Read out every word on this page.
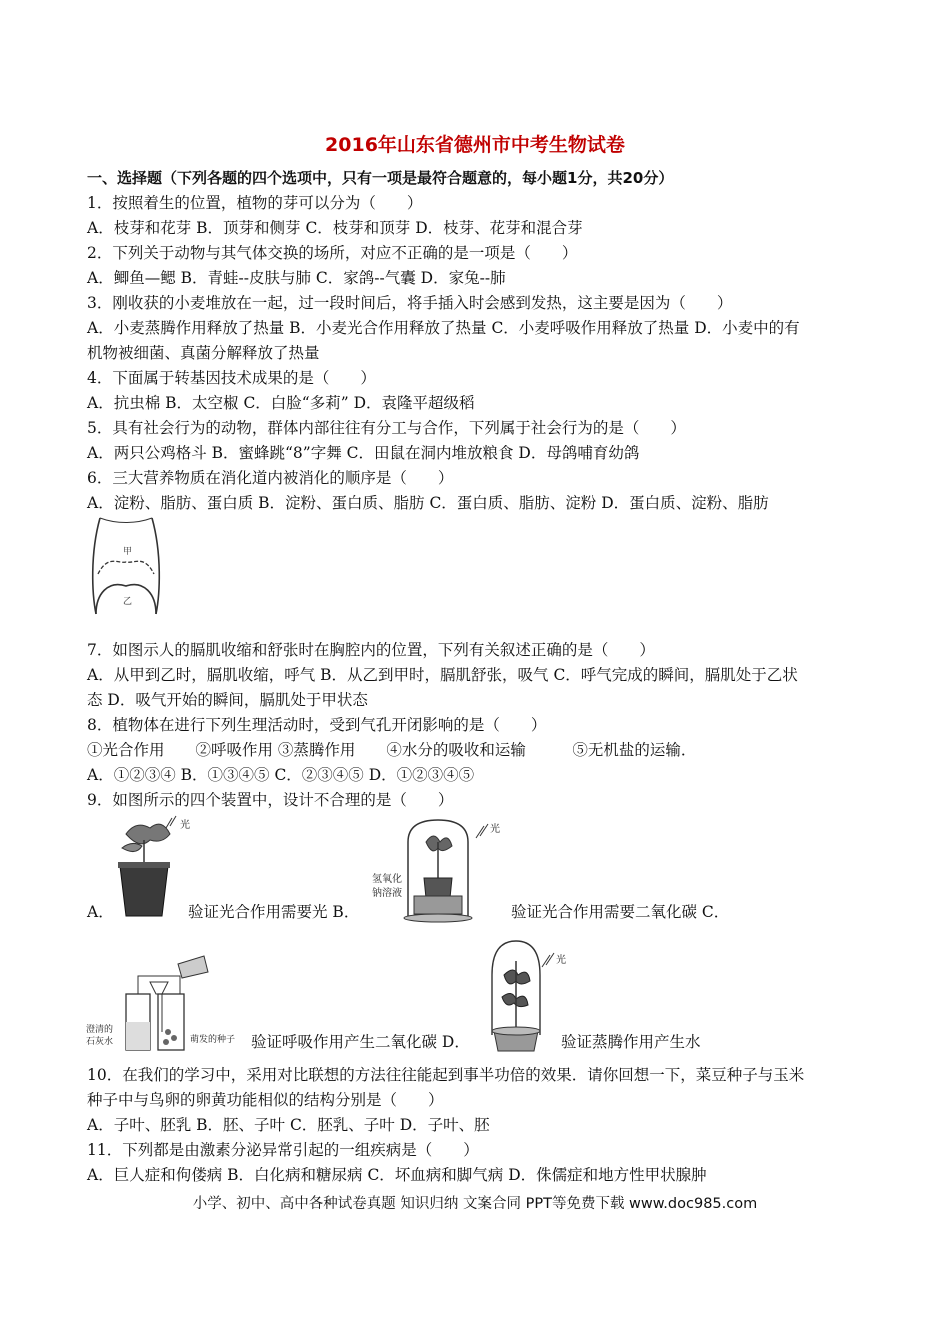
2016年山东省德州市中考生物试卷
一、选择题（下列各题的四个选项中，只有一项是最符合题意的，每小题1分，共20分）
1．按照着生的位置，植物的芽可以分为（　　）
A．枝芽和花芽 B．顶芽和侧芽 C．枝芽和顶芽 D．枝芽、花芽和混合芽
2．下列关于动物与其气体交换的场所，对应不正确的是一项是（　　）
A．鲫鱼—鳃 B．青蛙--皮肤与肺 C．家鸽--气囊 D．家兔--肺
3．刚收获的小麦堆放在一起，过一段时间后，将手插入时会感到发热，这主要是因为（　　）
A．小麦蒸腾作用释放了热量 B．小麦光合作用释放了热量 C．小麦呼吸作用释放了热量 D．小麦中的有
机物被细菌、真菌分解释放了热量
4．下面属于转基因技术成果的是（　　）
A．抗虫棉 B．太空椒 C．白脸“多莉” D．袁隆平超级稻
5．具有社会行为的动物，群体内部往往有分工与合作，下列属于社会行为的是（　　）
A．两只公鸡格斗 B．蜜蜂跳“8”字舞 C．田鼠在洞内堆放粮食 D．母鸽哺育幼鸽
6．三大营养物质在消化道内被消化的顺序是（　　）
A．淀粉、脂肪、蛋白质 B．淀粉、蛋白质、脂肪 C．蛋白质、脂肪、淀粉 D．蛋白质、淀粉、脂肪
甲
乙
7．如图示人的膈肌收缩和舒张时在胸腔内的位置，下列有关叙述正确的是（　　）
A．从甲到乙时，膈肌收缩，呼气 B．从乙到甲时，膈肌舒张，吸气 C．呼气完成的瞬间，膈肌处于乙状
态 D．吸气开始的瞬间，膈肌处于甲状态
8．植物体在进行下列生理活动时，受到气孔开闭影响的是（　　）
①光合作用　　②呼吸作用 ③蒸腾作用　　④水分的吸收和运输　　　⑤无机盐的运输．
A．①②③④ B．①③④⑤ C．②③④⑤ D．①②③④⑤
9．如图所示的四个装置中，设计不合理的是（　　）
光
A．	验证光合作用需要光 B．
光
氢氧化
钠溶液
验证光合作用需要二氧化碳 C．
澄清的
石灰水	萌发的种子 验证呼吸作用产生二氧化碳 D．
光
验证蒸腾作用产生水
10．在我们的学习中，采用对比联想的方法往往能起到事半功倍的效果．请你回想一下，菜豆种子与玉米
种子中与鸟卵的卵黄功能相似的结构分别是（　　）
A．子叶、胚乳 B．胚、子叶 C．胚乳、子叶 D．子叶、胚
11．下列都是由激素分泌异常引起的一组疾病是（　　）
A．巨人症和佝偻病 B．白化病和糖尿病 C．坏血病和脚气病 D．侏儒症和地方性甲状腺肿
小学、初中、高中各种试卷真题 知识归纳 文案合同 PPT等免费下载 www.doc985.com
